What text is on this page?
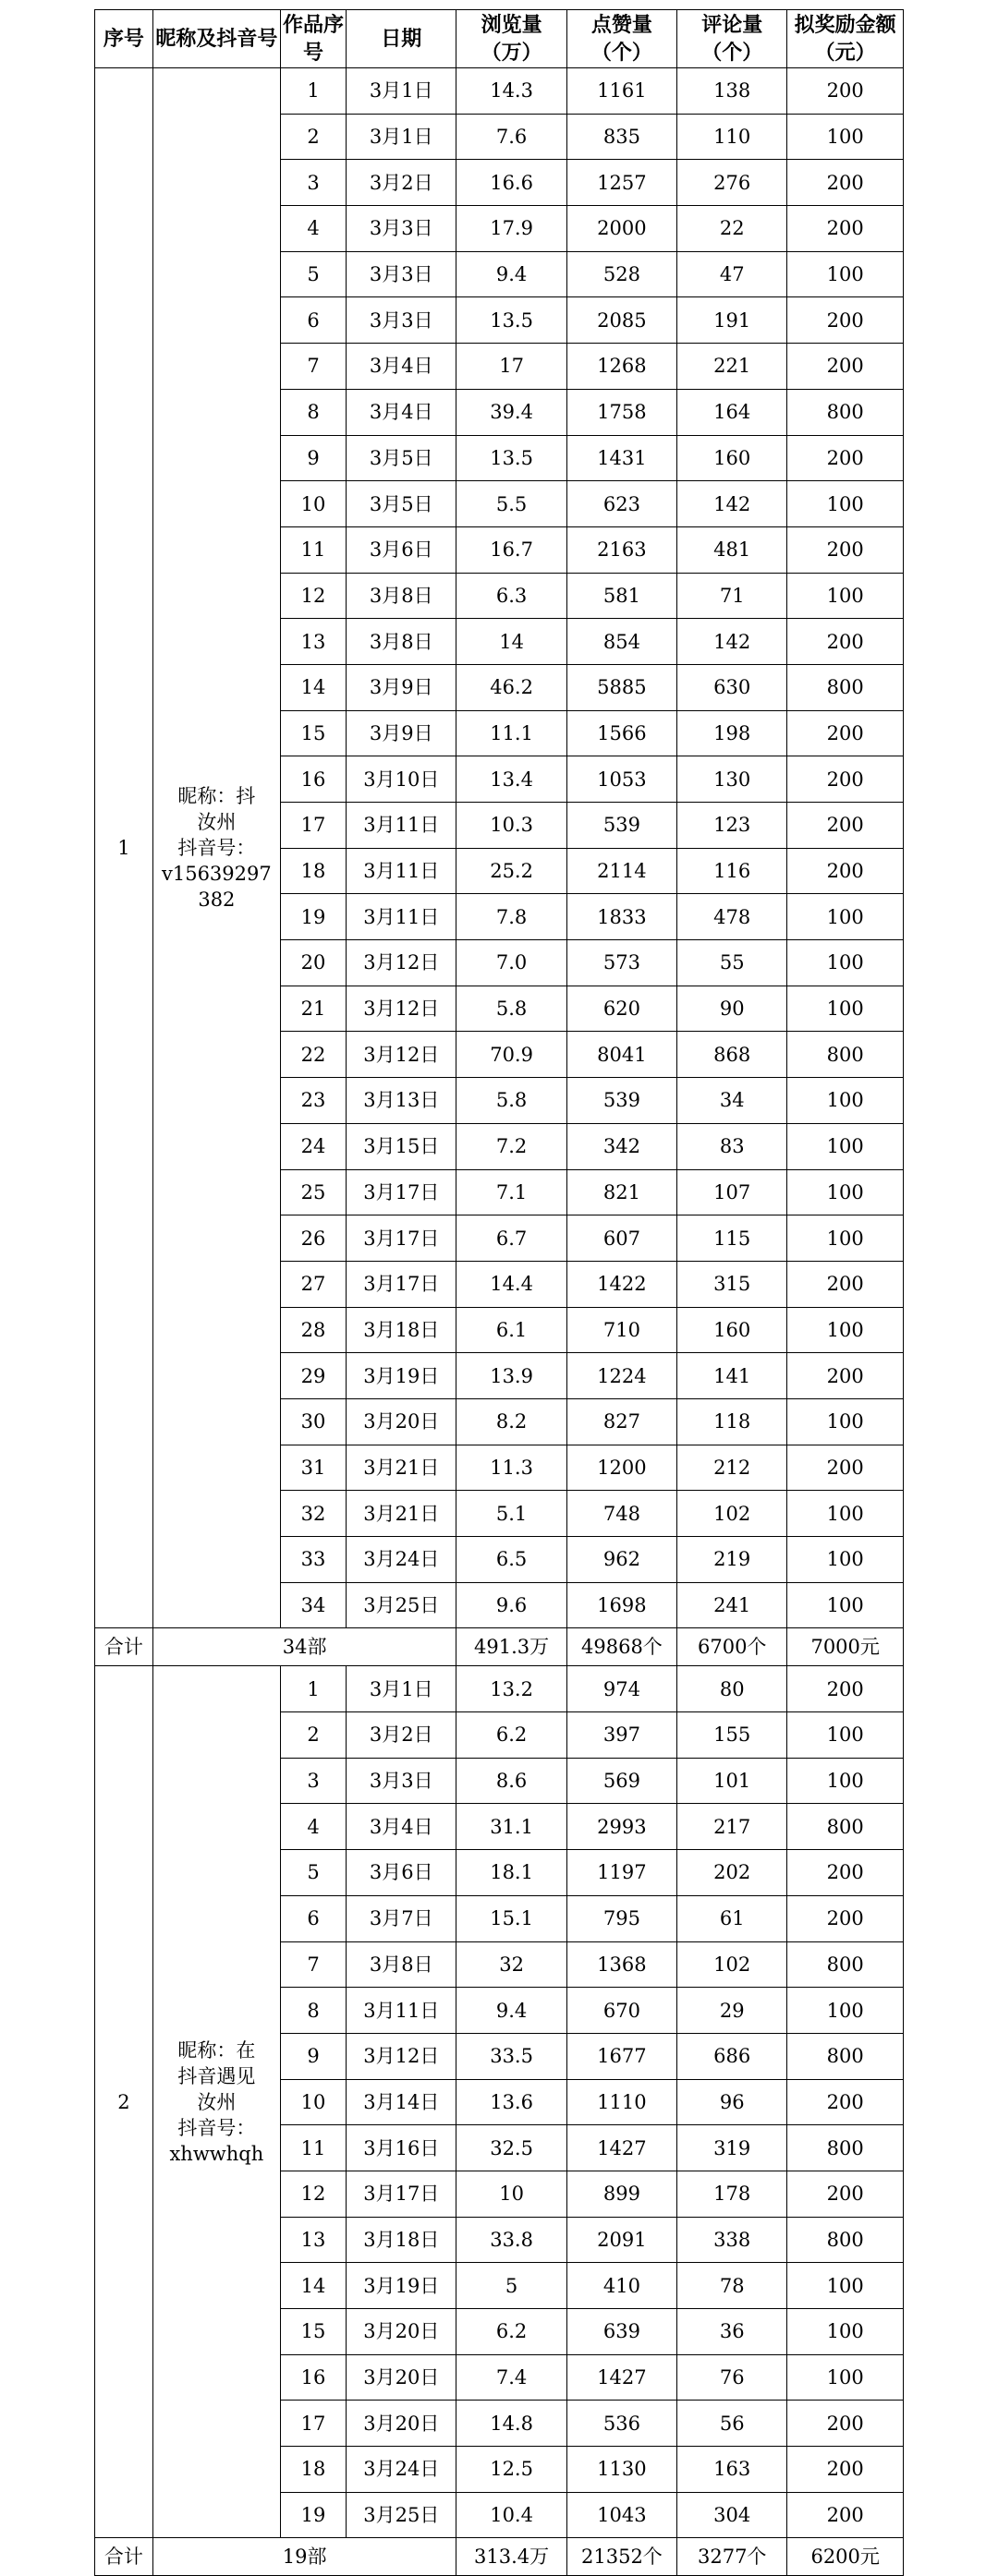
序号	昵称及抖音号	作品序号	日期	浏览量（万）	点赞量（个）	评论量（个）	拟奖励金额（元）
1	昵称：抖
汝州
抖音号：
v15639297
382	1	3月1日	14.3	1161	138	200
		2	3月1日	7.6	835	110	100
		3	3月2日	16.6	1257	276	200
		4	3月3日	17.9	2000	22	200
		5	3月3日	9.4	528	47	100
		6	3月3日	13.5	2085	191	200
		7	3月4日	17	1268	221	200
		8	3月4日	39.4	1758	164	800
		9	3月5日	13.5	1431	160	200
		10	3月5日	5.5	623	142	100
		11	3月6日	16.7	2163	481	200
		12	3月8日	6.3	581	71	100
		13	3月8日	14	854	142	200
		14	3月9日	46.2	5885	630	800
		15	3月9日	11.1	1566	198	200
		16	3月10日	13.4	1053	130	200
		17	3月11日	10.3	539	123	200
		18	3月11日	25.2	2114	116	200
		19	3月11日	7.8	1833	478	100
		20	3月12日	7.0	573	55	100
		21	3月12日	5.8	620	90	100
		22	3月12日	70.9	8041	868	800
		23	3月13日	5.8	539	34	100
		24	3月15日	7.2	342	83	100
		25	3月17日	7.1	821	107	100
		26	3月17日	6.7	607	115	100
		27	3月17日	14.4	1422	315	200
		28	3月18日	6.1	710	160	100
		29	3月19日	13.9	1224	141	200
		30	3月20日	8.2	827	118	100
		31	3月21日	11.3	1200	212	200
		32	3月21日	5.1	748	102	100
		33	3月24日	6.5	962	219	100
		34	3月25日	9.6	1698	241	100
合计	34部			491.3万	49868个	6700个	7000元
2	昵称：在
抖音遇见
汝州
抖音号：
xhwwhqh	1	3月1日	13.2	974	80	200
		2	3月2日	6.2	397	155	100
		3	3月3日	8.6	569	101	100
		4	3月4日	31.1	2993	217	800
		5	3月6日	18.1	1197	202	200
		6	3月7日	15.1	795	61	200
		7	3月8日	32	1368	102	800
		8	3月11日	9.4	670	29	100
		9	3月12日	33.5	1677	686	800
		10	3月14日	13.6	1110	96	200
		11	3月16日	32.5	1427	319	800
		12	3月17日	10	899	178	200
		13	3月18日	33.8	2091	338	800
		14	3月19日	5	410	78	100
		15	3月20日	6.2	639	36	100
		16	3月20日	7.4	1427	76	100
		17	3月20日	14.8	536	56	200
		18	3月24日	12.5	1130	163	200
		19	3月25日	10.4	1043	304	200
合计	19部			313.4万	21352个	3277个	6200元
